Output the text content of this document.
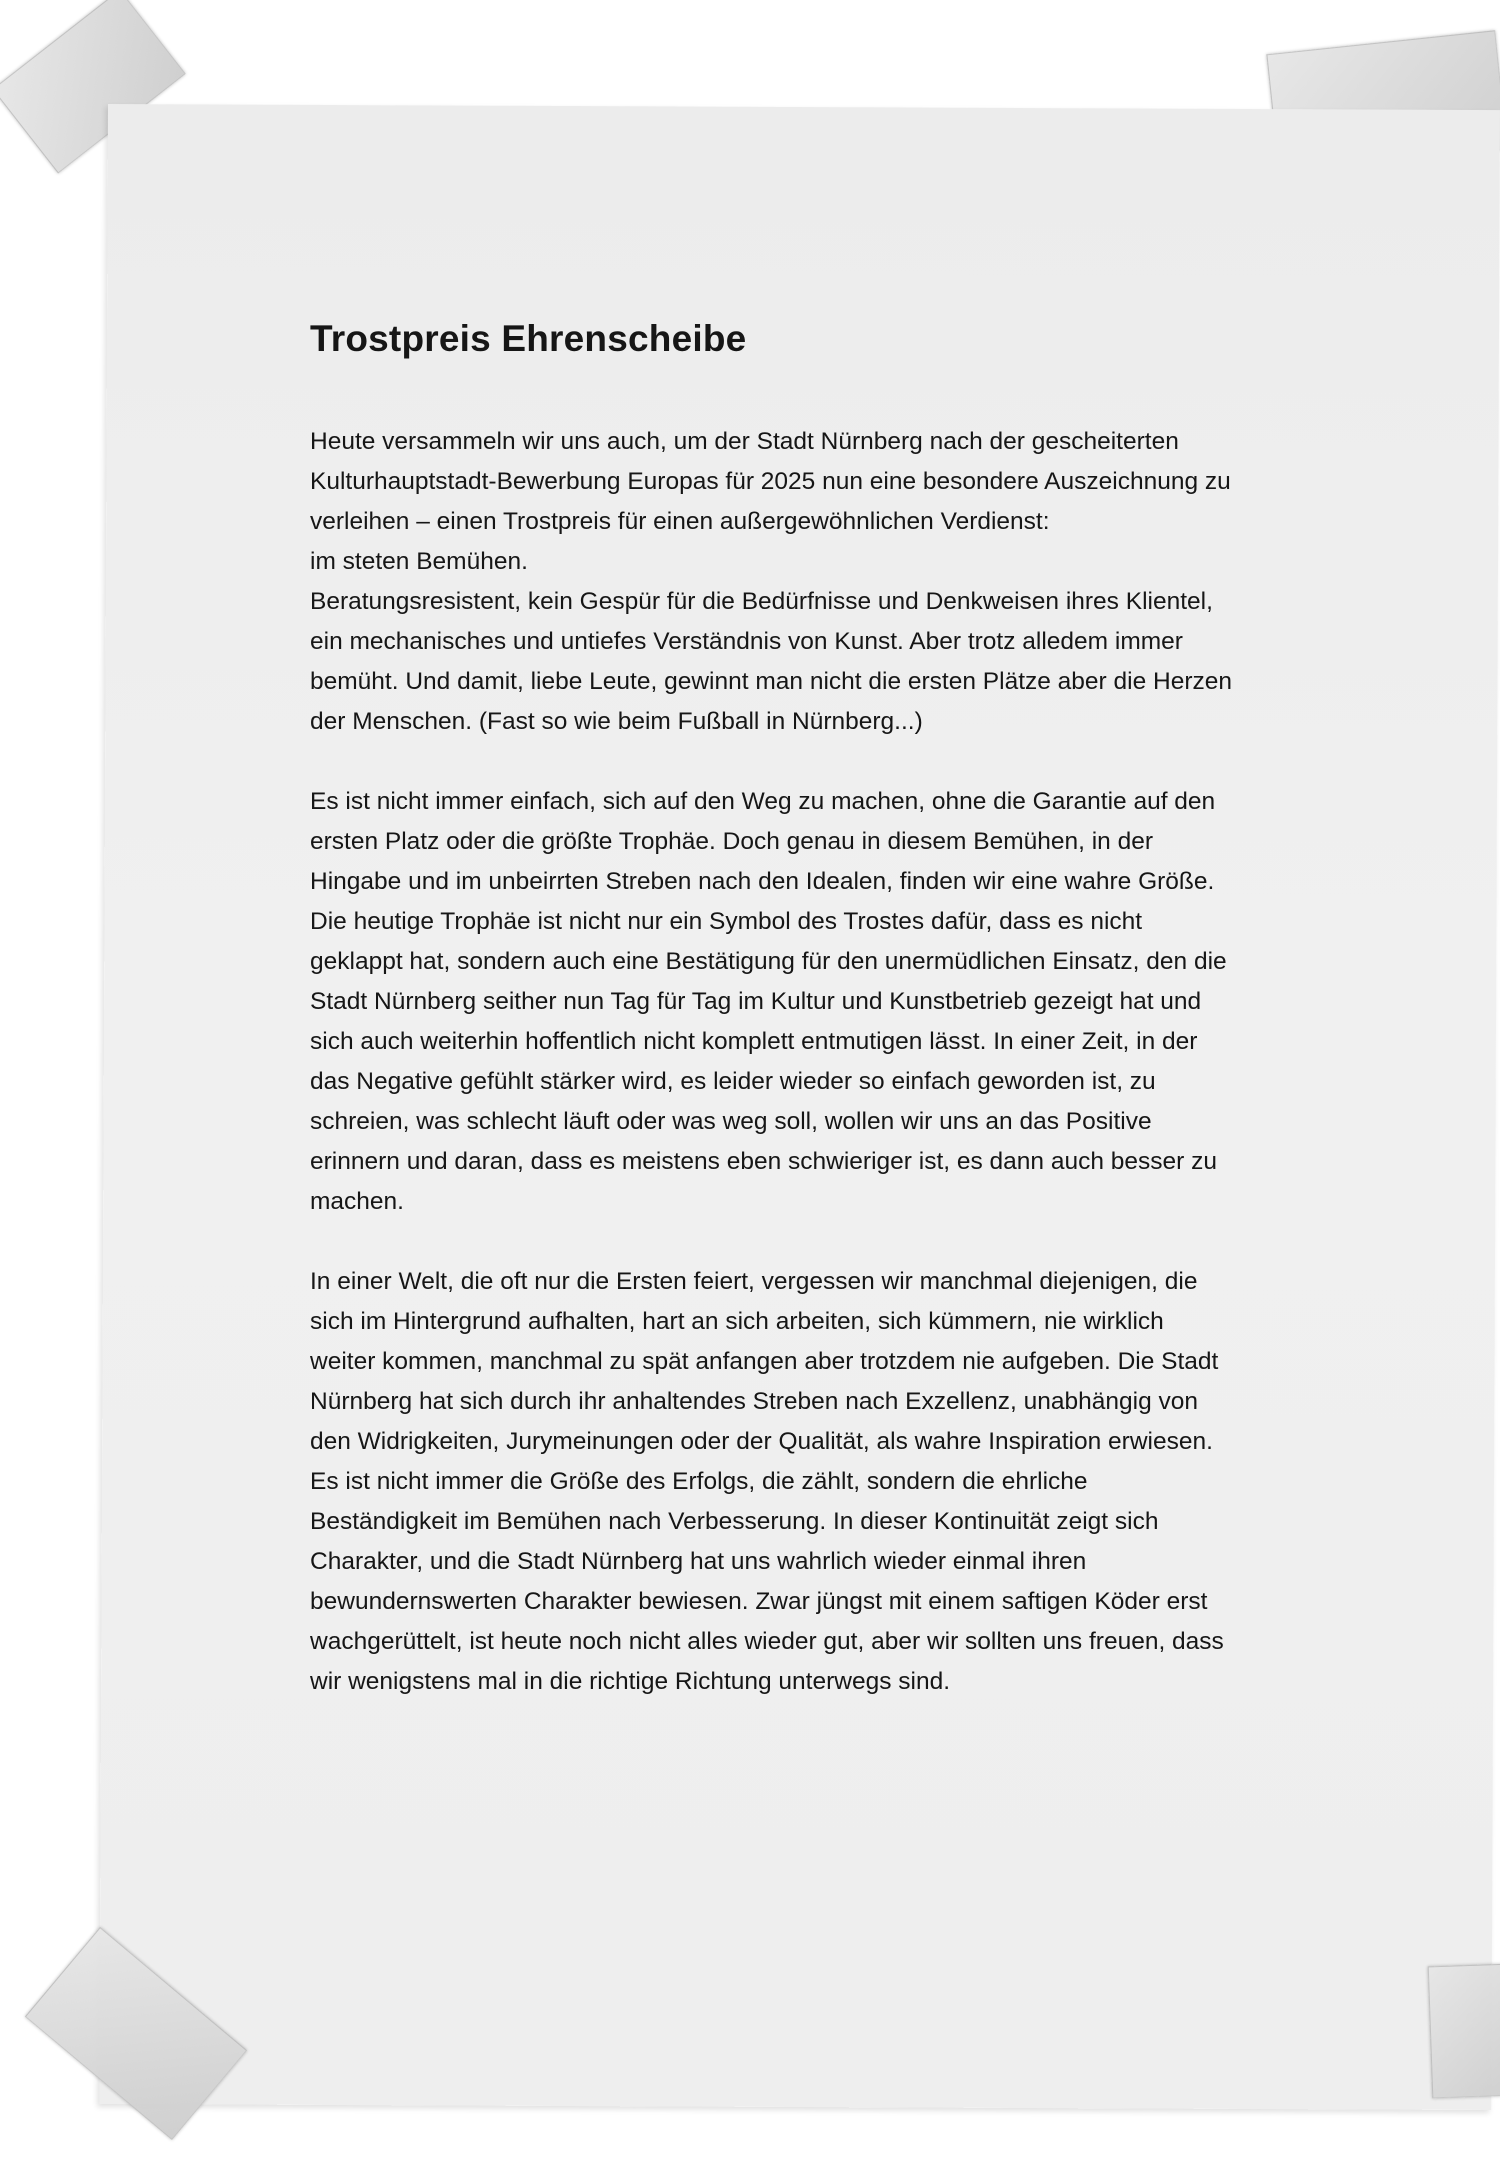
Trostpreis Ehrenscheibe

Heute versammeln wir uns auch, um der Stadt Nürnberg nach der gescheiterten
Kulturhauptstadt-Bewerbung Europas für 2025 nun eine besondere Auszeichnung zu
verleihen – einen Trostpreis für einen außergewöhnlichen Verdienst:
im steten Bemühen.
Beratungsresistent, kein Gespür für die Bedürfnisse und Denkweisen ihres Klientel,
ein mechanisches und untiefes Verständnis von Kunst. Aber trotz alledem immer
bemüht. Und damit, liebe Leute, gewinnt man nicht die ersten Plätze aber die Herzen
der Menschen. (Fast so wie beim Fußball in Nürnberg...)

Es ist nicht immer einfach, sich auf den Weg zu machen, ohne die Garantie auf den
ersten Platz oder die größte Trophäe. Doch genau in diesem Bemühen, in der
Hingabe und im unbeirrten Streben nach den Idealen, finden wir eine wahre Größe.
Die heutige Trophäe ist nicht nur ein Symbol des Trostes dafür, dass es nicht
geklappt hat, sondern auch eine Bestätigung für den unermüdlichen Einsatz, den die
Stadt Nürnberg seither nun Tag für Tag im Kultur und Kunstbetrieb gezeigt hat und
sich auch weiterhin hoffentlich nicht komplett entmutigen lässt. In einer Zeit, in der
das Negative gefühlt stärker wird, es leider wieder so einfach geworden ist, zu
schreien, was schlecht läuft oder was weg soll, wollen wir uns an das Positive
erinnern und daran, dass es meistens eben schwieriger ist, es dann auch besser zu
machen.

In einer Welt, die oft nur die Ersten feiert, vergessen wir manchmal diejenigen, die
sich im Hintergrund aufhalten, hart an sich arbeiten, sich kümmern, nie wirklich
weiter kommen, manchmal zu spät anfangen aber trotzdem nie aufgeben. Die Stadt
Nürnberg hat sich durch ihr anhaltendes Streben nach Exzellenz, unabhängig von
den Widrigkeiten, Jurymeinungen oder der Qualität, als wahre Inspiration erwiesen.
Es ist nicht immer die Größe des Erfolgs, die zählt, sondern die ehrliche
Beständigkeit im Bemühen nach Verbesserung. In dieser Kontinuität zeigt sich
Charakter, und die Stadt Nürnberg hat uns wahrlich wieder einmal ihren
bewundernswerten Charakter bewiesen. Zwar jüngst mit einem saftigen Köder erst
wachgerüttelt, ist heute noch nicht alles wieder gut, aber wir sollten uns freuen, dass
wir wenigstens mal in die richtige Richtung unterwegs sind.
